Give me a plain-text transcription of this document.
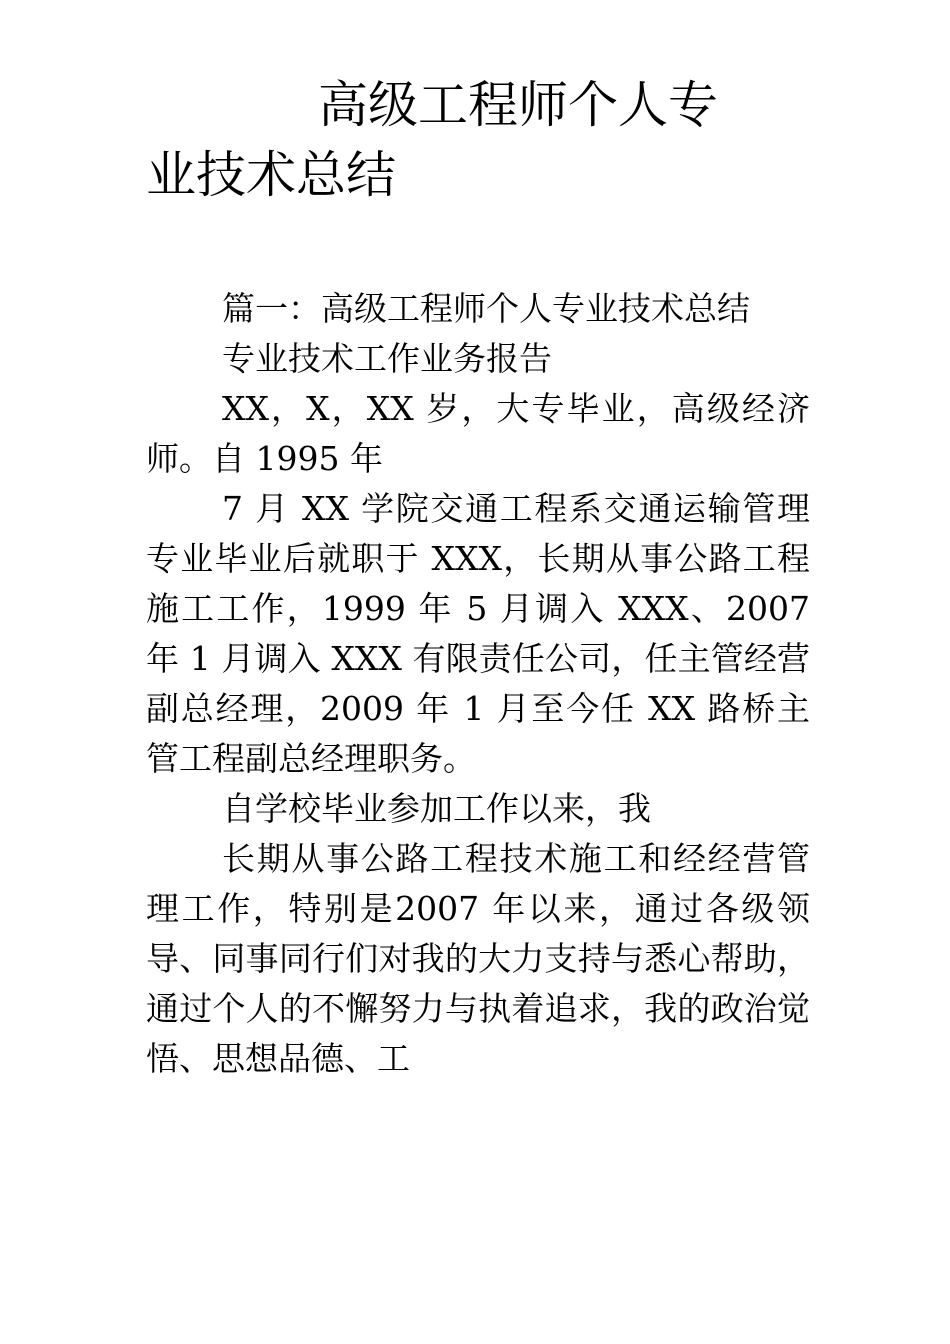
高级工程师个人专
业技术总结

篇一：高级工程师个人专业技术总结

专业技术工作业务报告

XX，X，XX 岁，大专毕业，高级经济师。自 1995 年

7 月 XX 学院交通工程系交通运输管理专业毕业后就职于 XXX，长期从事公路工程施工工作，1999 年 5 月调入 XXX、2007 年 1 月调入 XXX 有限责任公司，任主管经营副总经理，2009 年 1 月至今任 XX 路桥主管工程副总经理职务。

自学校毕业参加工作以来，我

长期从事公路工程技术施工和经经营管理工作，特别是2007 年以来，通过各级领导、同事同行们对我的大力支持与悉心帮助，通过个人的不懈努力与执着追求，我的政治觉悟、思想品德、工
